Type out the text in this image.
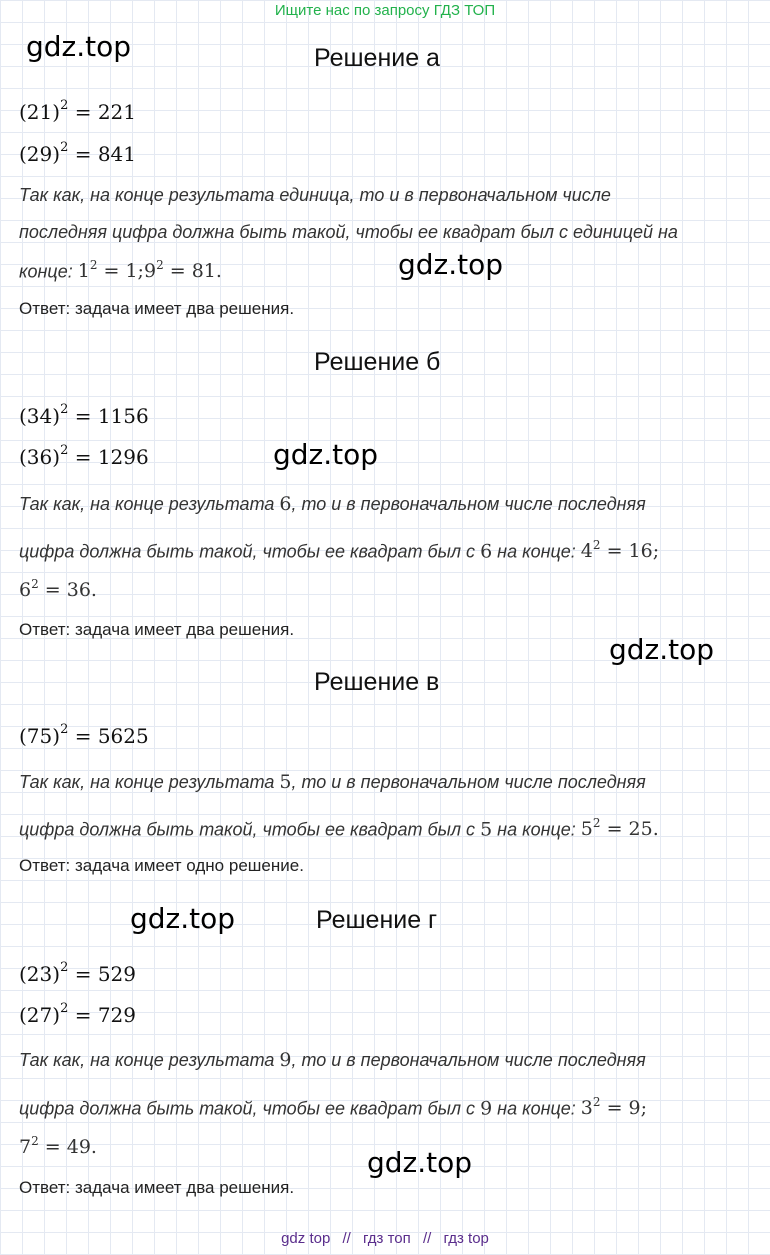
Ищите нас по запросу ГДЗ ТОП
gdz.top
gdz.top
gdz.top
gdz.top
gdz.top
gdz.top
Решение а
$(21)^2 = 221$
$(29)^2 = 841$
Так как, на конце результата единица, то и в первоначальном числе
последняя цифра должна быть такой, чтобы ее квадрат был с единицей на
конце: $1^2$ = $1;9^2 = 81$.
Ответ: задача имеет два решения.
Решение б
$(34)^2 = 1156$
$(36)^2 = 1296$
Так как, на конце результата 6, то и в первоначальном числе последняя
цифра должна быть такой, чтобы ее квадрат был с 6 на конце: $4^2 = 16$;
$6^2 = 36$.
Ответ: задача имеет два решения.
Решение в
$(75)^2 = 5625$
Так как, на конце результата 5, то и в первоначальном числе последняя
цифра должна быть такой, чтобы ее квадрат был с 5 на конце: $5^2 = 25$.
Ответ: задача имеет одно решение.
Решение г
$(23)^2 = 529$
$(27)^2 = 729$
Так как, на конце результата 9, то и в первоначальном числе последняя
цифра должна быть такой, чтобы ее квадрат был с 9 на конце: $3^2 = 9$;
$7^2 = 49$.
Ответ: задача имеет два решения.
gdz top // гдз топ // гдз top
